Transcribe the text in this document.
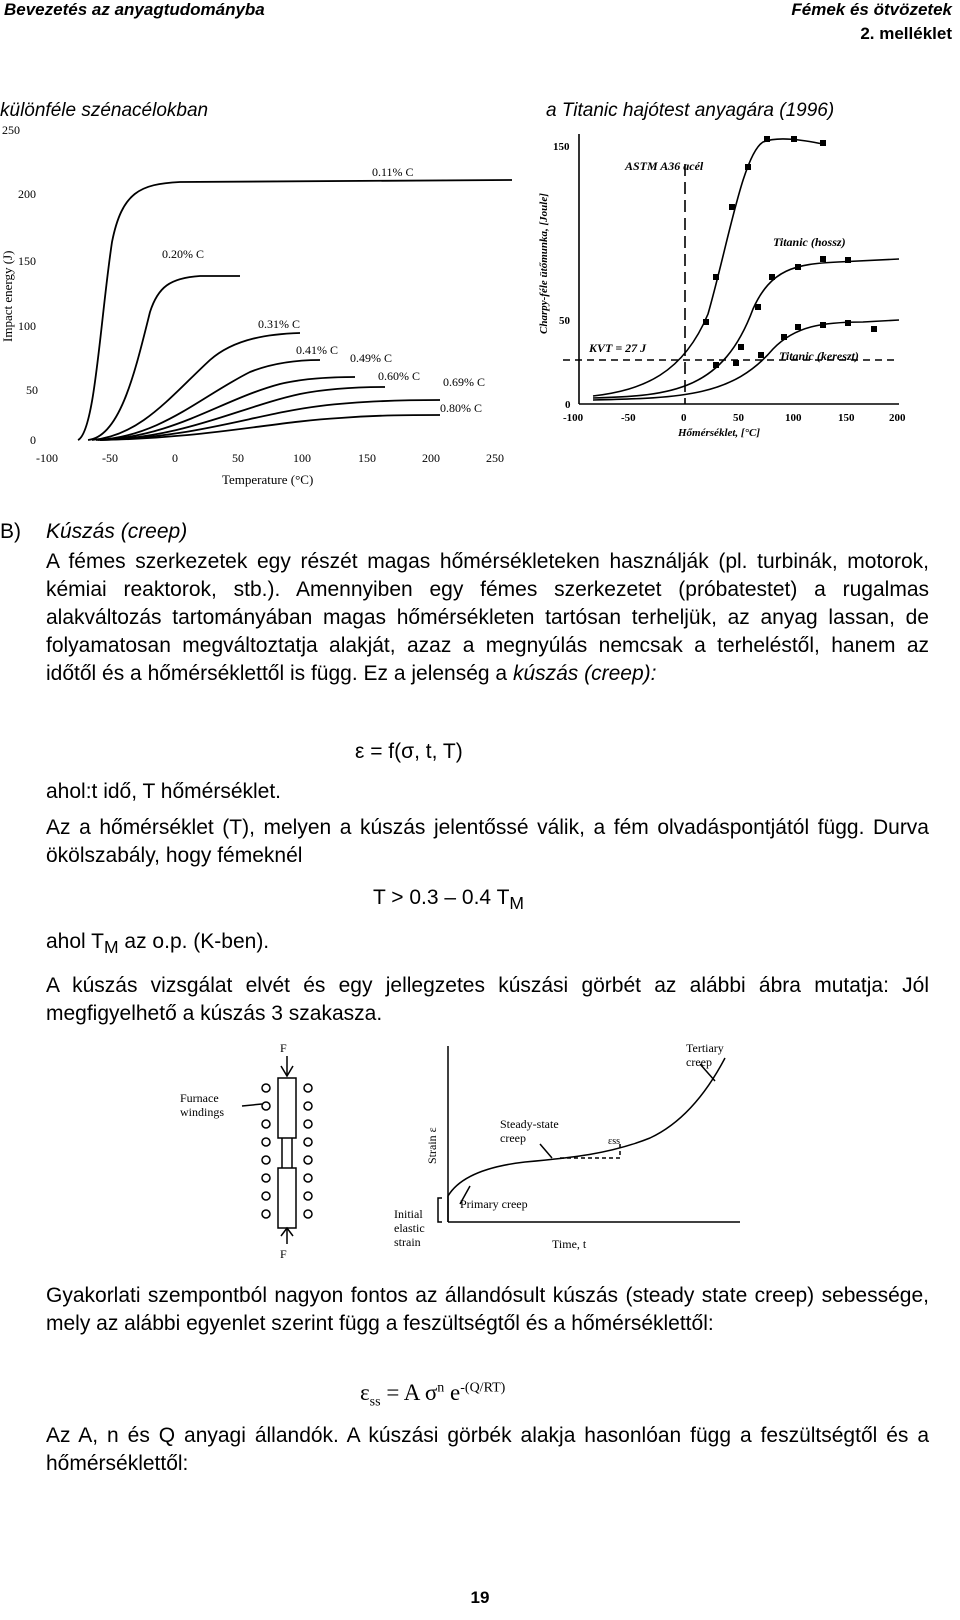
Bevezetés az anyagtudományba	Fémek és ötvözetek
2. melléklet
különféle szénacélokban	a Titanic hajótest anyagára (1996)
250
200
150
100
50
0
-100	-50	0	50	100	150	200	250
Temperature (°C)
Impact energy (J)
0.11% C
0.20% C
0.31% C
0.41% C
0.49% C
0.60% C 0.69% C
0.80% C
150
50
0
-100	-50	0	50	100	150	200
Hőmérséklet, [°C]
Charpy-féle ütőmunka, [Joule]
ASTM A36 acél
Titanic (hossz)
Titanic (kereszt)
KVT = 27 J
B) Kúszás (creep)
A fémes szerkezetek egy részét magas hőmérsékleteken használják (pl. turbinák, motorok, kémiai reaktorok, stb.). Amennyiben egy fémes szerkezetet (próbatestet) a rugalmas alakváltozás tartományában magas hőmérsékleten tartósan terheljük, az anyag lassan, de folyamatosan megváltoztatja alakját, azaz a megnyúlás nemcsak a terheléstől, hanem az időtől és a hőmérséklettől is függ. Ez a jelenség a kúszás (creep):
ε = f(σ, t, T)
ahol:t idő, T hőmérséklet.
Az a hőmérséklet (T), melyen a kúszás jelentőssé válik, a fém olvadáspontjától függ. Durva ökölszabály, hogy fémeknél
T > 0.3 – 0.4 $T_M$
ahol $T_M$ az o.p. (K-ben).
A kúszás vizsgálat elvét és egy jellegzetes kúszási görbét az alábbi ábra mutatja: Jól megfigyelhető a kúszás 3 szakasza.
F
F
Furnace
windings
Strain ε
Time, t
Tertiary
creep
Steady-state
creep	εss
Primary creep
Initial
elastic
strain
Gyakorlati szempontból nagyon fontos az állandósult kúszás (steady state creep) sebessége, mely az alábbi egyenlet szerint függ a feszültségtől és a hőmérséklettől:
$\varepsilon_{ss} = A$ $\sigma^n$ $e^{-(Q/RT)}$
Az A, n és Q anyagi állandók. A kúszási görbék alakja hasonlóan függ a feszültségtől és a hőmérséklettől:
19
